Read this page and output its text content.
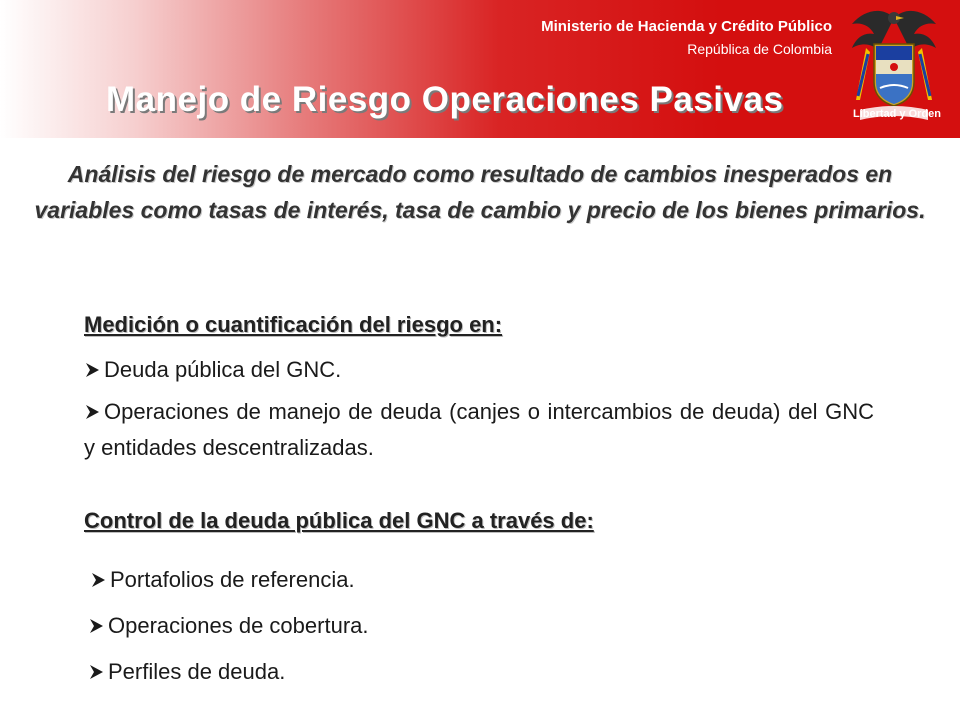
Ministerio de Hacienda y Crédito Público
República de Colombia
Manejo de Riesgo Operaciones Pasivas	Libertad y Orden

Análisis del riesgo de mercado como resultado de cambios inesperados en variables como tasas de interés, tasa de cambio y precio de los bienes primarios.

Medición o cuantificación del riesgo en:

Deuda pública del GNC.

Operaciones de manejo de deuda (canjes o intercambios de deuda) del GNC y entidades descentralizadas.

Control de la deuda pública del GNC a través de:

Portafolios de referencia.

Operaciones de cobertura.

Perfiles de deuda.
